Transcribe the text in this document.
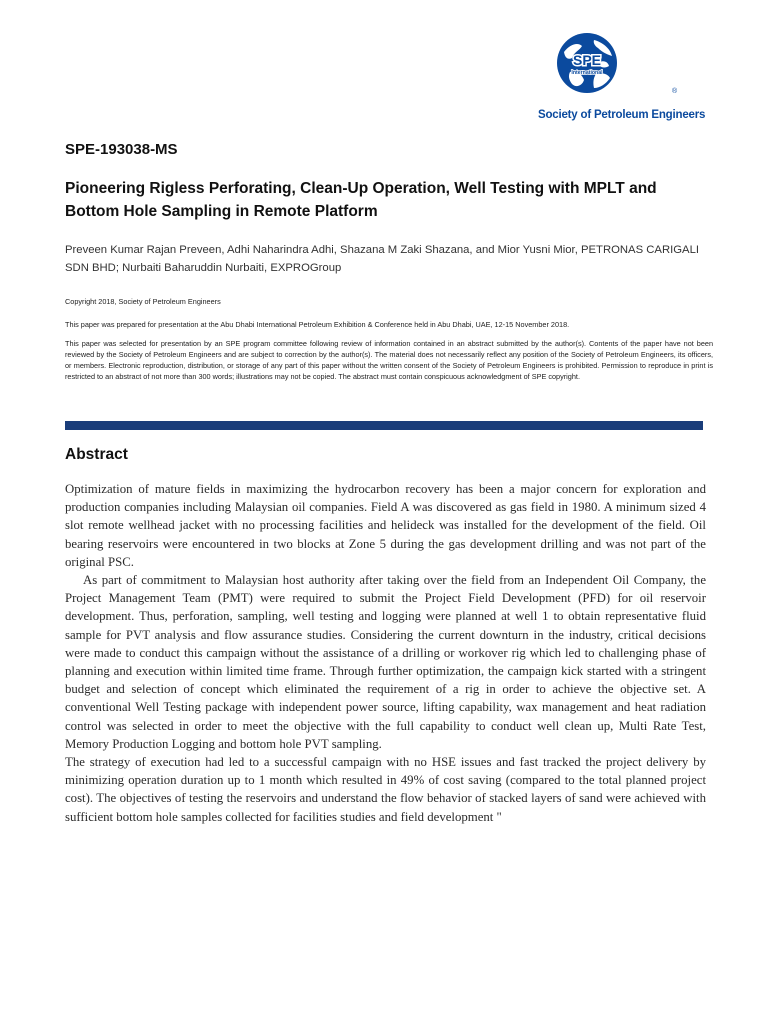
SPE
International
®
Society of Petroleum Engineers
SPE-193038-MS
Pioneering Rigless Perforating, Clean-Up Operation, Well Testing with MPLT and Bottom Hole Sampling in Remote Platform
Preveen Kumar Rajan Preveen, Adhi Naharindra Adhi, Shazana M Zaki Shazana, and Mior Yusni Mior, PETRONAS CARIGALI SDN BHD; Nurbaiti Baharuddin Nurbaiti, EXPROGroup
Copyright 2018, Society of Petroleum Engineers
This paper was prepared for presentation at the Abu Dhabi International Petroleum Exhibition & Conference held in Abu Dhabi, UAE, 12-15 November 2018.
This paper was selected for presentation by an SPE program committee following review of information contained in an abstract submitted by the author(s). Contents of the paper have not been reviewed by the Society of Petroleum Engineers and are subject to correction by the author(s). The material does not necessarily reflect any position of the Society of Petroleum Engineers, its officers, or members. Electronic reproduction, distribution, or storage of any part of this paper without the written consent of the Society of Petroleum Engineers is prohibited. Permission to reproduce in print is restricted to an abstract of not more than 300 words; illustrations may not be copied. The abstract must contain conspicuous acknowledgment of SPE copyright.
Abstract

Optimization of mature fields in maximizing the hydrocarbon recovery has been a major concern for exploration and production companies including Malaysian oil companies. Field A was discovered as gas field in 1980. A minimum sized 4 slot remote wellhead jacket with no processing facilities and helideck was installed for the development of the field. Oil bearing reservoirs were encountered in two blocks at Zone 5 during the gas development drilling and was not part of the original PSC.

As part of commitment to Malaysian host authority after taking over the field from an Independent Oil Company, the Project Management Team (PMT) were required to submit the Project Field Development (PFD) for oil reservoir development. Thus, perforation, sampling, well testing and logging were planned at well 1 to obtain representative fluid sample for PVT analysis and flow assurance studies. Considering the current downturn in the industry, critical decisions were made to conduct this campaign without the assistance of a drilling or workover rig which led to challenging phase of planning and execution within limited time frame. Through further optimization, the campaign kick started with a stringent budget and selection of concept which eliminated the requirement of a rig in order to achieve the objective set. A conventional Well Testing package with independent power source, lifting capability, wax management and heat radiation control was selected in order to meet the objective with the full capability to conduct well clean up, Multi Rate Test, Memory Production Logging and bottom hole PVT sampling.

The strategy of execution had led to a successful campaign with no HSE issues and fast tracked the project delivery by minimizing operation duration up to 1 month which resulted in 49% of cost saving (compared to the total planned project cost). The objectives of testing the reservoirs and understand the flow behavior of stacked layers of sand were achieved with sufficient bottom hole samples collected for facilities studies and field development "
